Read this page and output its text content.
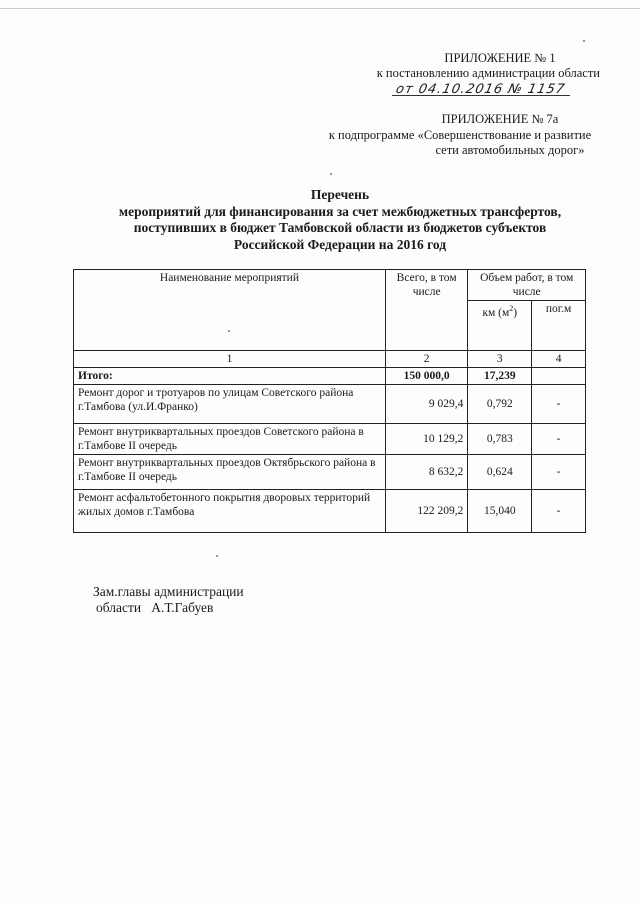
ПРИЛОЖЕНИЕ № 1
к постановлению администрации области
от 04.10.2016 № 1157
ПРИЛОЖЕНИЕ № 7а
к подпрограмме «Совершенствование и развитие
сети автомобильных дорог»
Перечень
мероприятий для финансирования за счет межбюджетных трансфертов,
поступивших в бюджет Тамбовской области из бюджетов субъектов
Российской Федерации на 2016 год
Наименование мероприятий	Всего, в том числе	Объем работ, в том числе	
		км $(м^2)$	пог.м
1	2	3	4
Итого:	150 000,0	17,239	
Ремонт дорог и тротуаров по улицам Советского района г.Тамбова (ул.И.Франко)	9 029,4	0,792	-
Ремонт внутриквартальных проездов Советского района в г.Тамбове II очередь	10 129,2	0,783	-
Ремонт внутриквартальных проездов Октябрьского района в г.Тамбове II очередь	8 632,2	0,624	-
Ремонт асфальтобетонного покрытия дворовых территорий жилых домов г.Тамбова	122 209,2	15,040	-
Зам.главы администрации
области   А.Т.Габуев
